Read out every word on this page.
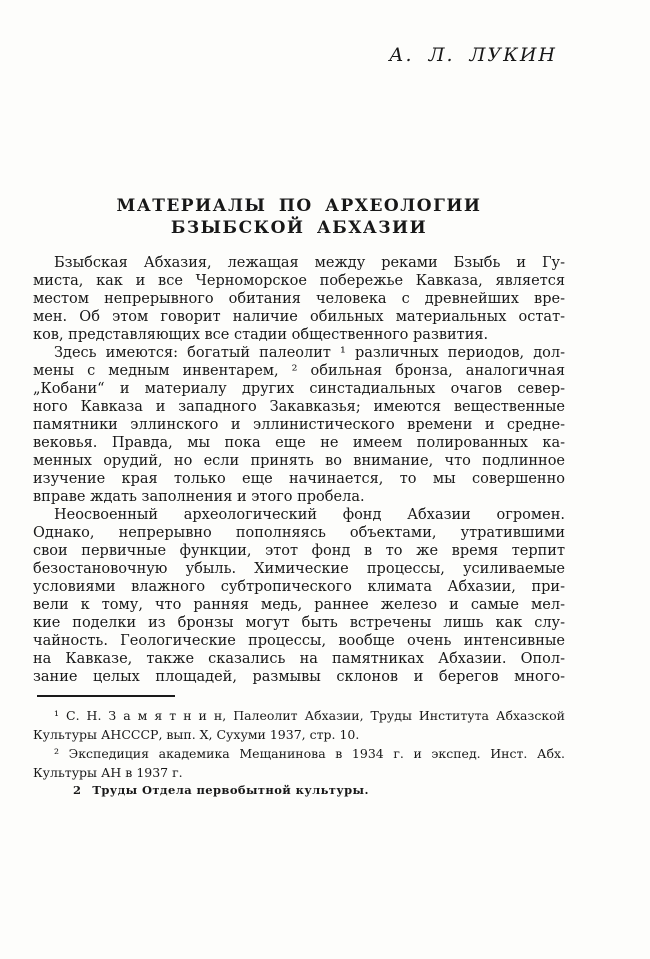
А. Л. ЛУКИН
МАТЕРИАЛЫ ПО АРХЕОЛОГИИ
БЗЫБСКОЙ АБХАЗИИ
Бзыбская Абхазия, лежащая между реками Бзыбь и Гу-
миста, как и все Черноморское побережье Кавказа, является
местом непрерывного обитания человека с древнейших вре-
мен. Об этом говорит наличие обильных материальных остат-
ков, представляющих все стадии общественного развития.
Здесь имеются: богатый палеолит ¹ различных периодов, дол-
мены с медным инвентарем, ² обильная бронза, аналогичная
„Кобани“ и материалу других синстадиальных очагов север-
ного Кавказа и западного Закавказья; имеются вещественные
памятники эллинского и эллинистического времени и средне-
вековья. Правда, мы пока еще не имеем полированных ка-
менных орудий, но если принять во внимание, что подлинное
изучение края только еще начинается, то мы совершенно
вправе ждать заполнения и этого пробела.
Неосвоенный археологический фонд Абхазии огромен.
Однако, непрерывно пополняясь объектами, утратившими
свои первичные функции, этот фонд в то же время терпит
безостановочную убыль. Химические процессы, усиливаемые
условиями влажного субтропического климата Абхазии, при-
вели к тому, что ранняя медь, раннее железо и самые мел-
кие поделки из бронзы могут быть встречены лишь как слу-
чайность. Геологические процессы, вообще очень интенсивные
на Кавказе, также сказались на памятниках Абхазии. Опол-
зание целых площадей, размывы склонов и берегов много-
¹ С. Н. З а м я т н и н, Палеолит Абхазии, Труды Института Абхазской
Культуры АНСССР, вып. X, Сухуми 1937, стр. 10.
² Экспедиция академика Мещанинова в 1934 г. и экспед. Инст. Абх.
Культуры АН в 1937 г.
2 Труды Отдела первобытной культуры.
